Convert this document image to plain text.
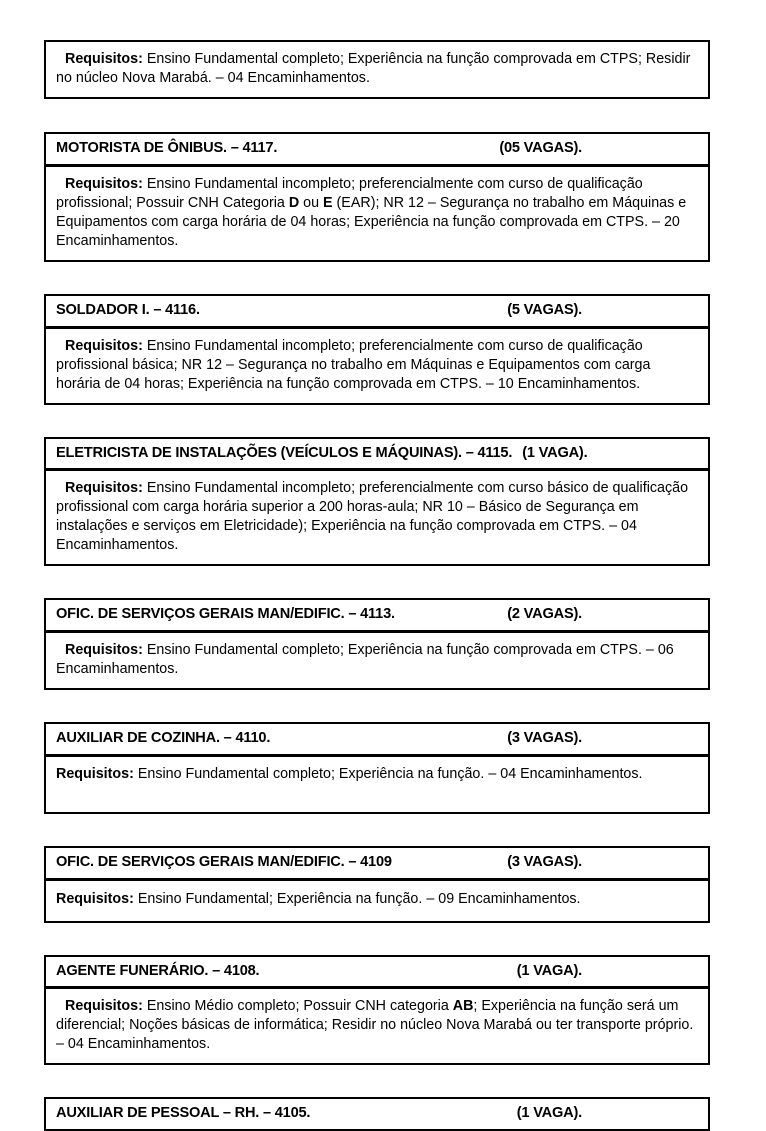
Requisitos: Ensino Fundamental completo; Experiência na função comprovada em CTPS; Residir no núcleo Nova Marabá. – 04 Encaminhamentos.
MOTORISTA DE ÔNIBUS. – 4117.	(05 VAGAS).
Requisitos: Ensino Fundamental incompleto; preferencialmente com curso de qualificação profissional; Possuir CNH Categoria D ou E (EAR); NR 12 – Segurança no trabalho em Máquinas e Equipamentos com carga horária de 04 horas; Experiência na função comprovada em CTPS. – 20 Encaminhamentos.
SOLDADOR I. – 4116.	(5 VAGAS).
Requisitos: Ensino Fundamental incompleto; preferencialmente com curso de qualificação profissional básica; NR 12 – Segurança no trabalho em Máquinas e Equipamentos com carga horária de 04 horas; Experiência na função comprovada em CTPS. – 10 Encaminhamentos.
ELETRICISTA DE INSTALAÇÕES (VEÍCULOS E MÁQUINAS). – 4115. (1 VAGA).
Requisitos: Ensino Fundamental incompleto; preferencialmente com curso básico de qualificação profissional com carga horária superior a 200 horas-aula; NR 10 – Básico de Segurança em instalações e serviços em Eletricidade); Experiência na função comprovada em CTPS. – 04 Encaminhamentos.
OFIC. DE SERVIÇOS GERAIS MAN/EDIFIC. – 4113.	(2 VAGAS).
Requisitos: Ensino Fundamental completo; Experiência na função comprovada em CTPS. – 06 Encaminhamentos.
AUXILIAR DE COZINHA. – 4110.	(3 VAGAS).
Requisitos: Ensino Fundamental completo; Experiência na função. – 04 Encaminhamentos.
OFIC. DE SERVIÇOS GERAIS MAN/EDIFIC. – 4109	(3 VAGAS).
Requisitos: Ensino Fundamental; Experiência na função. – 09 Encaminhamentos.
AGENTE FUNERÁRIO. – 4108.	(1 VAGA).
Requisitos: Ensino Médio completo; Possuir CNH categoria AB; Experiência na função será um diferencial; Noções básicas de informática; Residir no núcleo Nova Marabá ou ter transporte próprio. – 04 Encaminhamentos.
AUXILIAR DE PESSOAL – RH. – 4105.	(1 VAGA).
